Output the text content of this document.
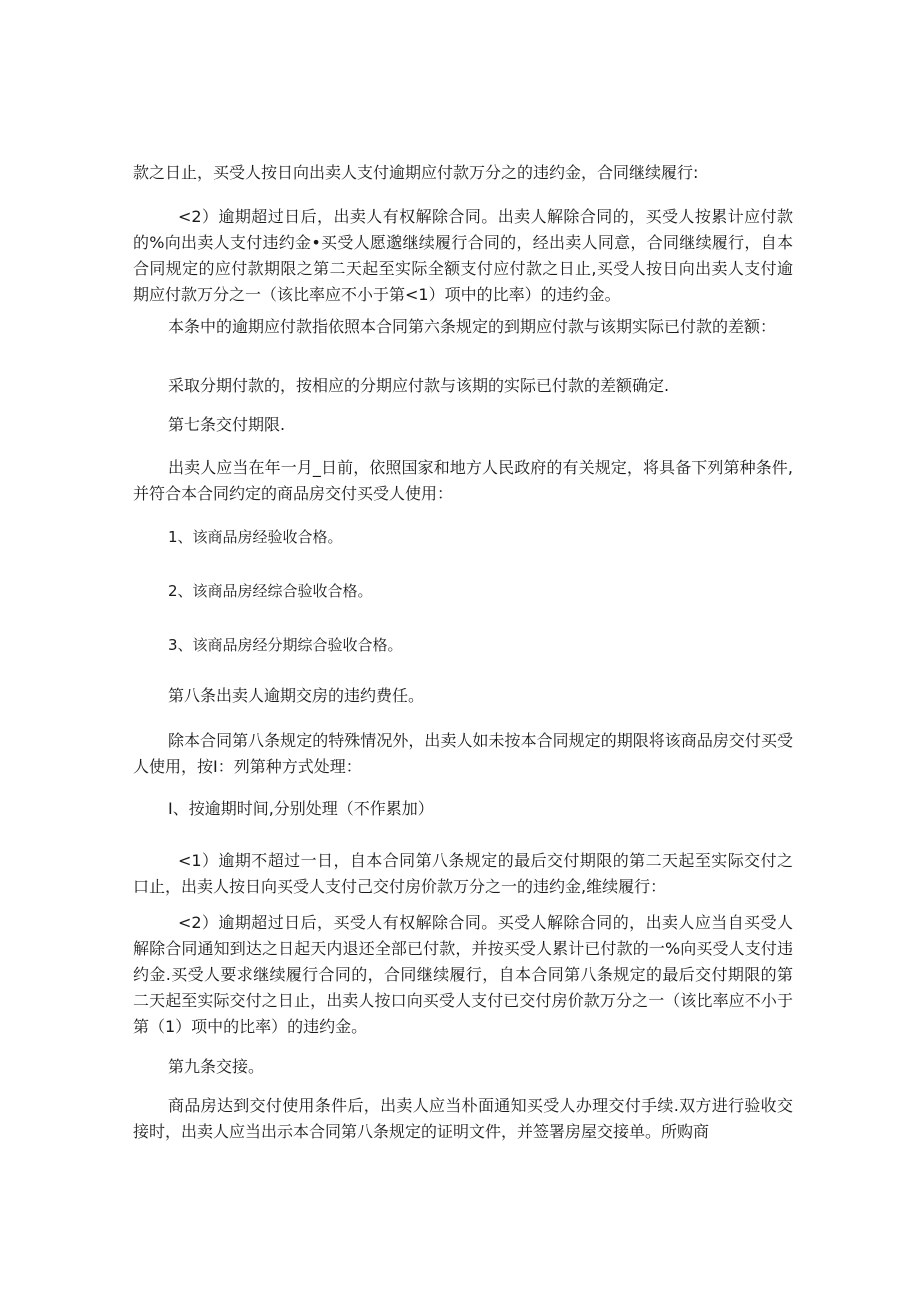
款之日止，买受人按日向出卖人支付逾期应付款万分之的违约金，合同继续履行:

<2）逾期超过日后，出卖人有权解除合同。出卖人解除合同的，买受人按累计应付款的%向出卖人支付违约金•买受人愿邈继续履行合同的，经出卖人同意，合同继续履行，自本合同规定的应付款期限之第二天起至实际全额支付应付款之日止,买受人按日向出卖人支付逾期应付款万分之一（该比率应不小于第<1）项中的比率）的违约金。

本条中的逾期应付款指依照本合同第六条规定的到期应付款与该期实际已付款的差额：

采取分期付款的，按相应的分期应付款与该期的实际已付款的差额确定.

第七条交付期限.

出卖人应当在年一月_日前，依照国家和地方人民政府的有关规定，将具备下列第种条件,并符合本合同约定的商品房交付买受人使用：

1、该商品房经验收合格。

2、该商品房经综合验收合格。

3、该商品房经分期综合验收合格。

第八条出卖人逾期交房的违约费任。

除本合同第八条规定的特殊情况外，出卖人如未按本合同规定的期限将该商品房交付买受人使用，按I：列第种方式处理：

I、按逾期时间,分别处理（不作累加）

<1）逾期不超过一日，自本合同第八条规定的最后交付期限的第二天起至实际交付之口止，出卖人按日向买受人支付己交付房价款万分之一的违约金,维续履行：

<2）逾期超过日后，买受人有权解除合同。买受人解除合同的，出卖人应当自买受人解除合同通知到达之日起天内退还全部已付款，并按买受人累计已付款的一%向买受人支付违约金.买受人要求继续履行合同的，合同继续履行，自本合同第八条规定的最后交付期限的第二天起至实际交付之日止，出卖人按口向买受人支付已交付房价款万分之一（该比率应不小于第（1）项中的比率）的违约金。

第九条交接。

商品房达到交付使用条件后，出卖人应当朴面通知买受人办理交付手续.双方进行验收交接时，出卖人应当出示本合同第八条规定的证明文件，并签署房屋交接单。所购商
